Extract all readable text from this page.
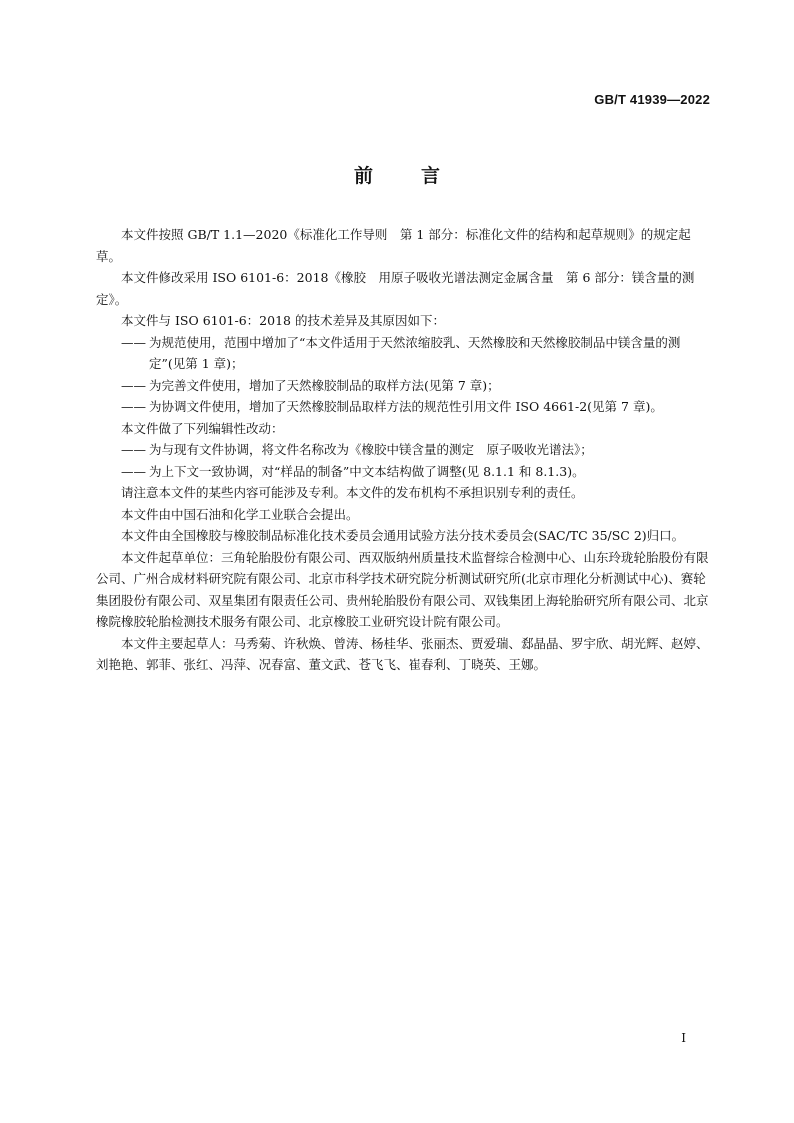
GB/T 41939—2022
前言

本文件按照 GB/T 1.1—2020《标准化工作导则　第 1 部分：标准化文件的结构和起草规则》的规定起草。

本文件修改采用 ISO 6101-6：2018《橡胶　用原子吸收光谱法测定金属含量　第 6 部分：镁含量的测定》。

本文件与 ISO 6101-6：2018 的技术差异及其原因如下：

—— 为规范使用，范围中增加了“本文件适用于天然浓缩胶乳、天然橡胶和天然橡胶制品中镁含量的测定”(见第 1 章)；

—— 为完善文件使用，增加了天然橡胶制品的取样方法(见第 7 章)；

—— 为协调文件使用，增加了天然橡胶制品取样方法的规范性引用文件 ISO 4661-2(见第 7 章)。

本文件做了下列编辑性改动：

—— 为与现有文件协调，将文件名称改为《橡胶中镁含量的测定　原子吸收光谱法》；

—— 为上下文一致协调，对“样品的制备”中文本结构做了调整(见 8.1.1 和 8.1.3)。

请注意本文件的某些内容可能涉及专利。本文件的发布机构不承担识别专利的责任。

本文件由中国石油和化学工业联合会提出。

本文件由全国橡胶与橡胶制品标准化技术委员会通用试验方法分技术委员会(SAC/TC 35/SC 2)归口。

本文件起草单位：三角轮胎股份有限公司、西双版纳州质量技术监督综合检测中心、山东玲珑轮胎股份有限公司、广州合成材料研究院有限公司、北京市科学技术研究院分析测试研究所(北京市理化分析测试中心)、赛轮集团股份有限公司、双星集团有限责任公司、贵州轮胎股份有限公司、双钱集团上海轮胎研究所有限公司、北京橡院橡胶轮胎检测技术服务有限公司、北京橡胶工业研究设计院有限公司。

本文件主要起草人：马秀菊、许秋焕、曾涛、杨桂华、张丽杰、贾爱瑞、郄晶晶、罗宇欣、胡光辉、赵婷、刘艳艳、郭菲、张红、冯萍、况春富、董文武、苍飞飞、崔春利、丁晓英、王娜。

I
